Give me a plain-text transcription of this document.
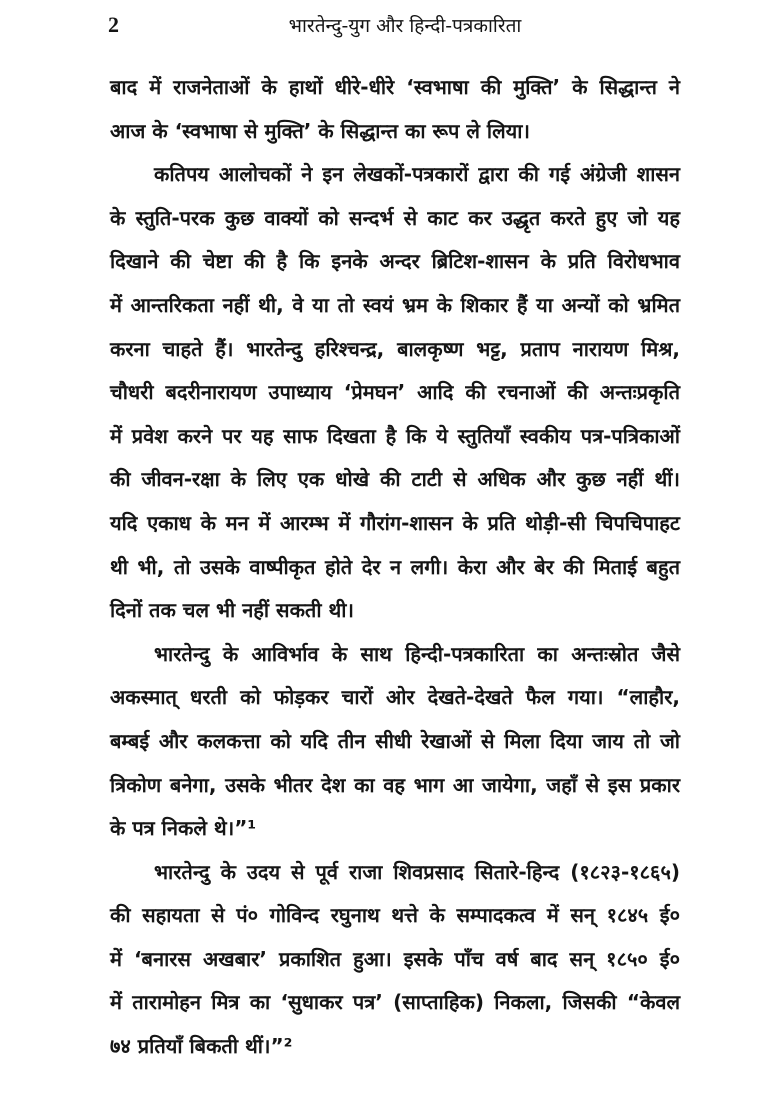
2	भारतेन्दु-युग और हिन्दी-पत्रकारिता
बाद में राजनेताओं के हाथों धीरे-धीरे ‘स्वभाषा की मुक्ति’ के सिद्धान्त ने
आज के ‘स्वभाषा से मुक्ति’ के सिद्धान्त का रूप ले लिया।
कतिपय आलोचकों ने इन लेखकों-पत्रकारों द्वारा की गई अंग्रेजी शासन
के स्तुति-परक कुछ वाक्यों को सन्दर्भ से काट कर उद्धृत करते हुए जो यह
दिखाने की चेष्टा की है कि इनके अन्दर ब्रिटिश-शासन के प्रति विरोधभाव
में आन्तरिकता नहीं थी, वे या तो स्वयं भ्रम के शिकार हैं या अन्यों को भ्रमित
करना चाहते हैं। भारतेन्दु हरिश्चन्द्र, बालकृष्ण भट्ट, प्रताप नारायण मिश्र,
चौधरी बदरीनारायण उपाध्याय ‘प्रेमघन’ आदि की रचनाओं की अन्तःप्रकृति
में प्रवेश करने पर यह साफ दिखता है कि ये स्तुतियाँ स्वकीय पत्र-पत्रिकाओं
की जीवन-रक्षा के लिए एक धोखे की टाटी से अधिक और कुछ नहीं थीं।
यदि एकाध के मन में आरम्भ में गौरांग-शासन के प्रति थोड़ी-सी चिपचिपाहट
थी भी, तो उसके वाष्पीकृत होते देर न लगी। केरा और बेर की मिताई बहुत
दिनों तक चल भी नहीं सकती थी।
भारतेन्दु के आविर्भाव के साथ हिन्दी-पत्रकारिता का अन्तःस्रोत जैसे
अकस्मात् धरती को फोड़कर चारों ओर देखते-देखते फैल गया। “लाहौर,
बम्बई और कलकत्ता को यदि तीन सीधी रेखाओं से मिला दिया जाय तो जो
त्रिकोण बनेगा, उसके भीतर देश का वह भाग आ जायेगा, जहाँ से इस प्रकार
के पत्र निकले थे।”¹
भारतेन्दु के उदय से पूर्व राजा शिवप्रसाद सितारे-हिन्द (१८२३-१८६५)
की सहायता से पं० गोविन्द रघुनाथ थत्ते के सम्पादकत्व में सन् १८४५ ई०
में ‘बनारस अखबार’ प्रकाशित हुआ। इसके पाँच वर्ष बाद सन् १८५० ई०
में तारामोहन मित्र का ‘सुधाकर पत्र’ (साप्ताहिक) निकला, जिसकी “केवल
७४ प्रतियाँ बिकती थीं।”²
